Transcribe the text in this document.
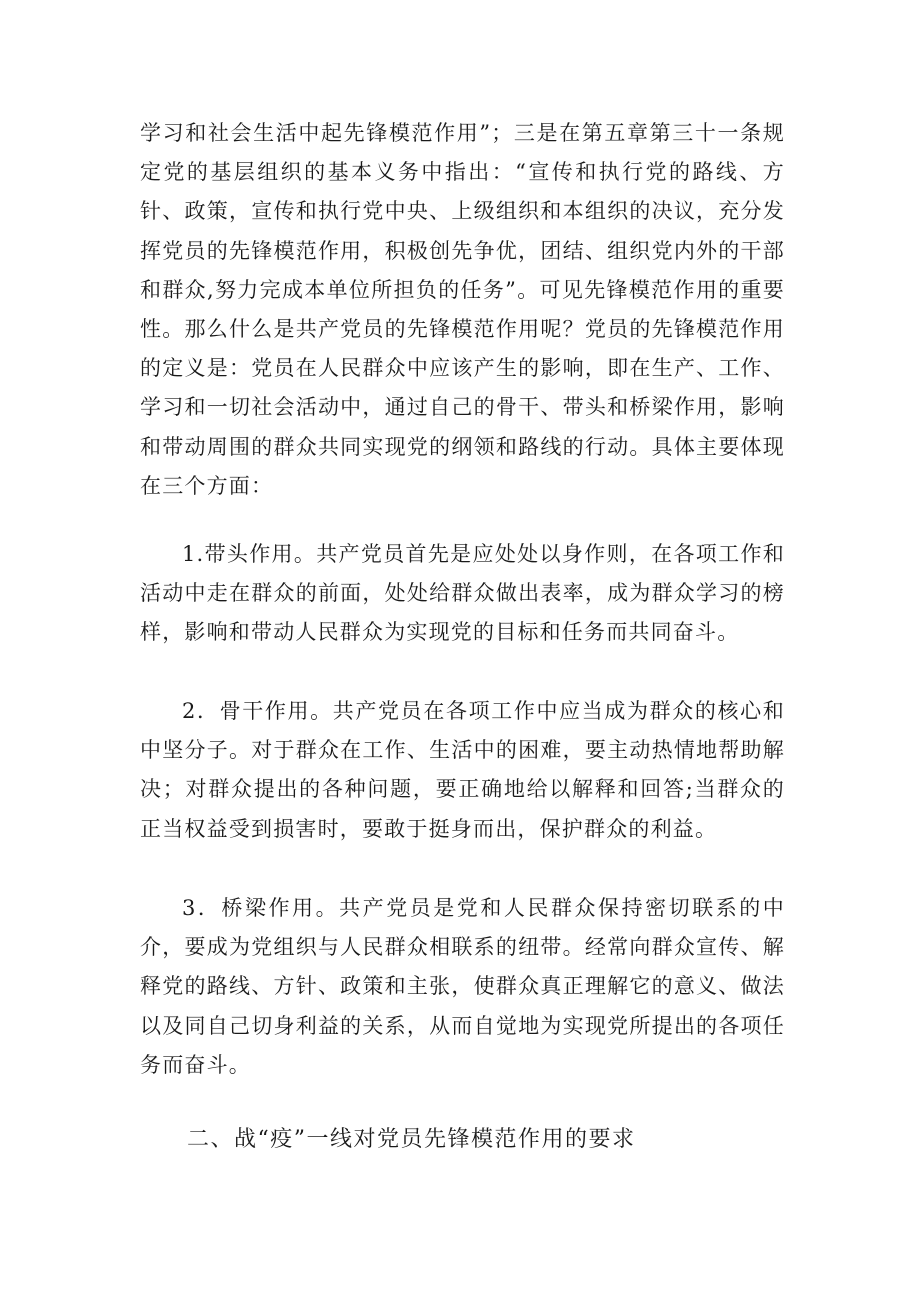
学习和社会生活中起先锋模范作用”；三是在第五章第三十一条规定党的基层组织的基本义务中指出：“宣传和执行党的路线、方针、政策，宣传和执行党中央、上级组织和本组织的决议，充分发挥党员的先锋模范作用，积极创先争优，团结、组织党内外的干部和群众,努力完成本单位所担负的任务”。可见先锋模范作用的重要性。那么什么是共产党员的先锋模范作用呢？党员的先锋模范作用的定义是：党员在人民群众中应该产生的影响，即在生产、工作、学习和一切社会活动中，通过自己的骨干、带头和桥梁作用，影响和带动周围的群众共同实现党的纲领和路线的行动。具体主要体现在三个方面：

1.带头作用。共产党员首先是应处处以身作则，在各项工作和活动中走在群众的前面，处处给群众做出表率，成为群众学习的榜样，影响和带动人民群众为实现党的目标和任务而共同奋斗。

2．骨干作用。共产党员在各项工作中应当成为群众的核心和中坚分子。对于群众在工作、生活中的困难，要主动热情地帮助解决；对群众提出的各种问题，要正确地给以解释和回答;当群众的正当权益受到损害时，要敢于挺身而出，保护群众的利益。

3．桥梁作用。共产党员是党和人民群众保持密切联系的中介，要成为党组织与人民群众相联系的纽带。经常向群众宣传、解释党的路线、方针、政策和主张，使群众真正理解它的意义、做法以及同自己切身利益的关系，从而自觉地为实现党所提出的各项任务而奋斗。

二、战“疫”一线对党员先锋模范作用的要求
